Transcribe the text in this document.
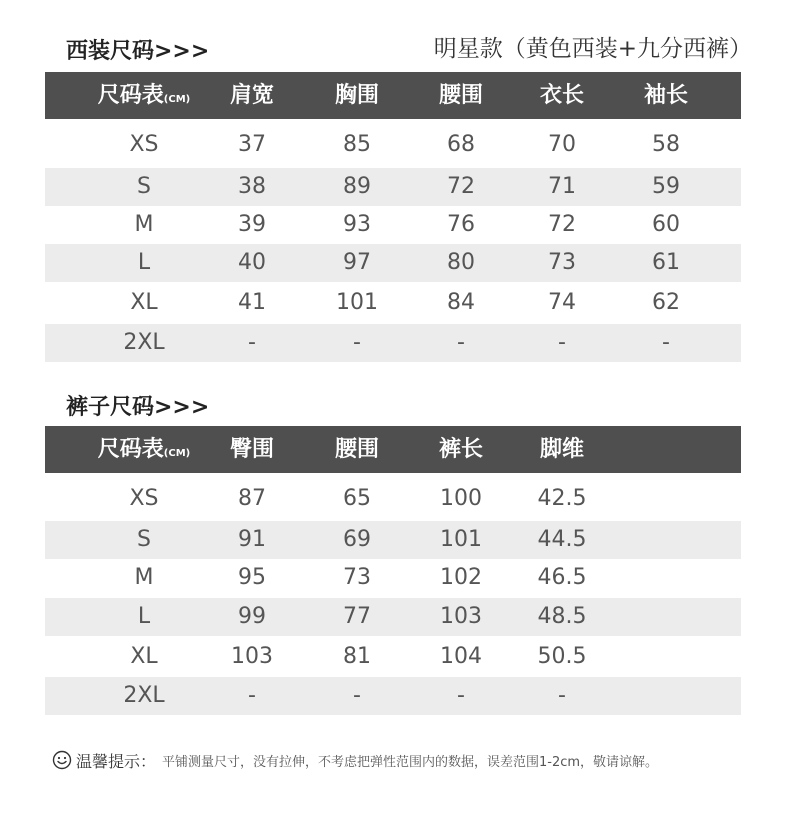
西装尺码>>>	明星款（黄色西装+九分西裤）
尺码表(CM) 肩宽	胸围	腰围	衣长	袖长
XS	37	85	68	70	58
S	38	89	72	71	59
M	39	93	76	72	60
L	40	97	80	73	61
XL	41	101	84	74	62
2XL	-	-	-	-	-
裤子尺码>>>
尺码表(CM) 臀围	腰围	裤长	脚维
XS	87	65	100	42.5
S	91	69	101	44.5
M	95	73	102	46.5
L	99	77	103	48.5
XL	103	81	104	50.5
2XL	-	-	-	-
温馨提示： 平铺测量尺寸，没有拉伸，不考虑把弹性范围内的数据，误差范围1-2cm，敬请谅解。
